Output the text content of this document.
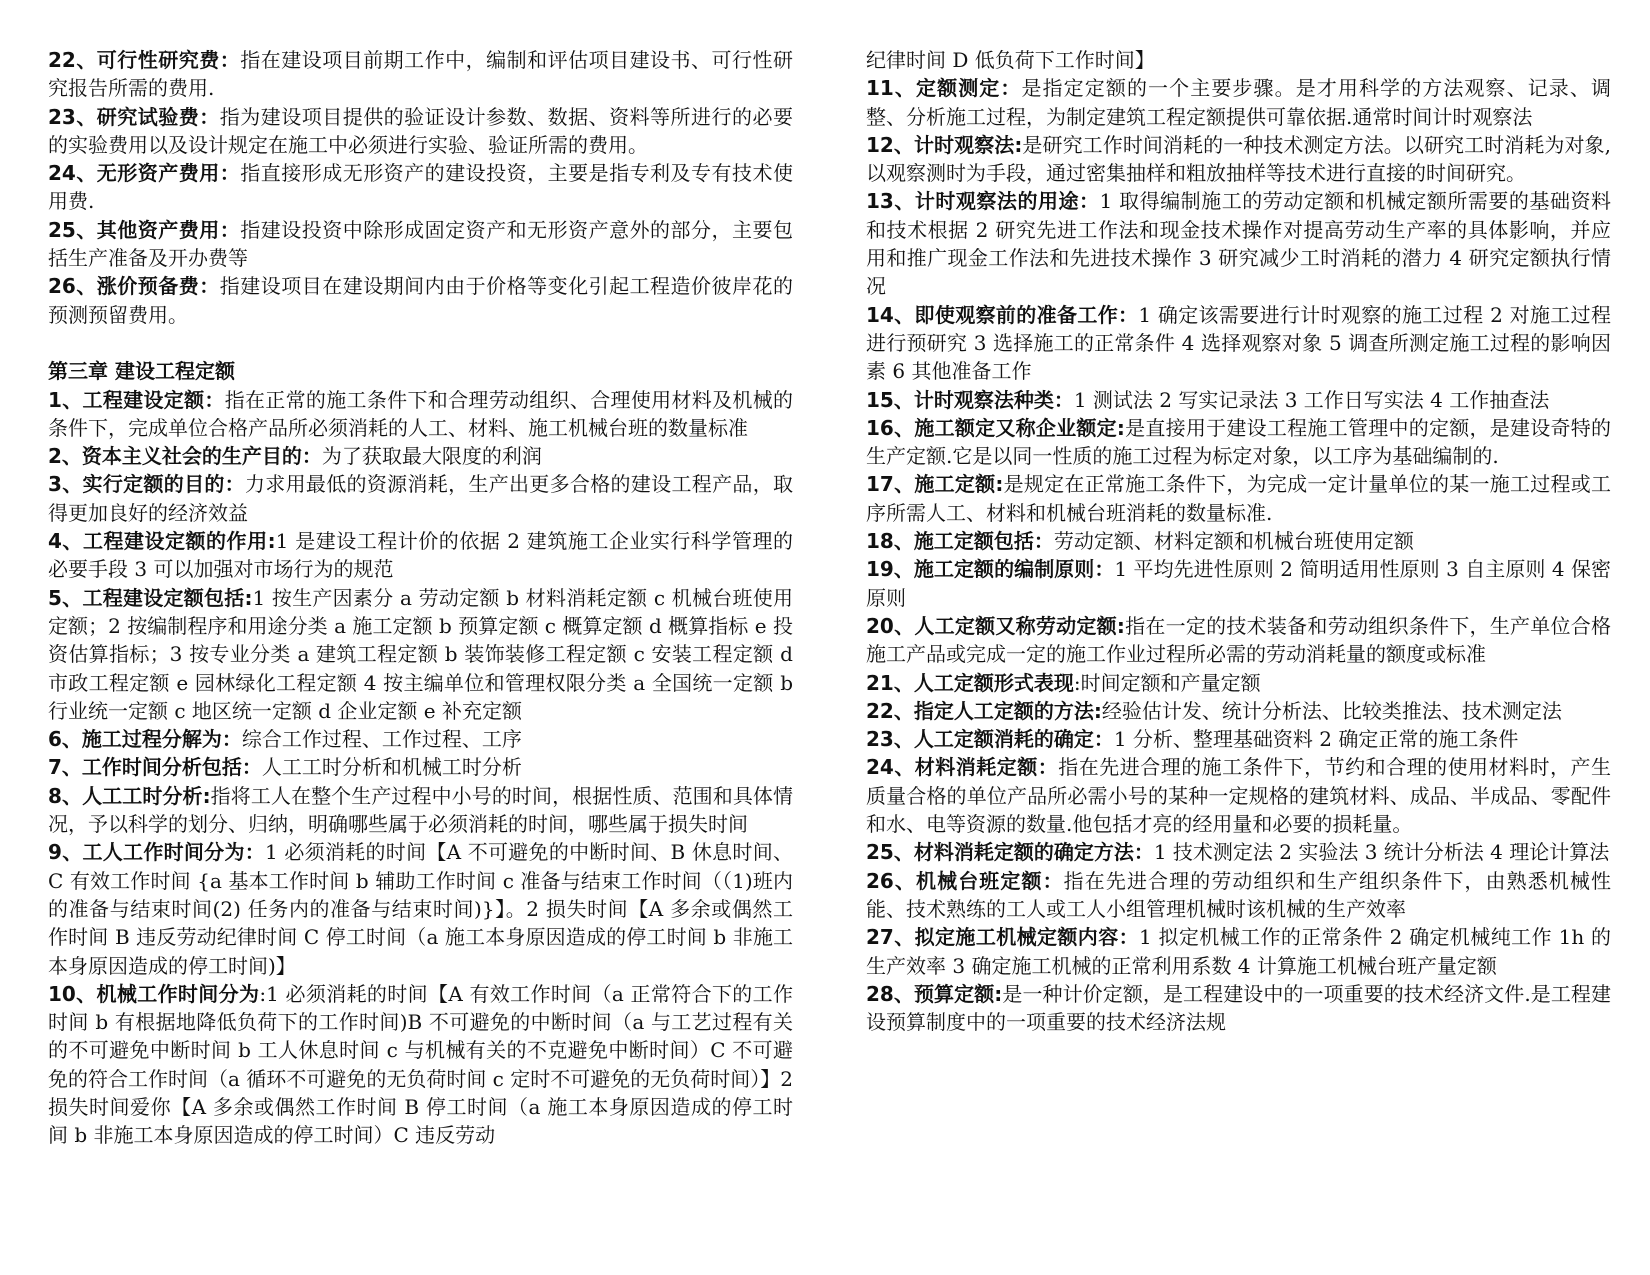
22、可行性研究费：指在建设项目前期工作中，编制和评估项目建设书、可行性研究报告所需的费用.

23、研究试验费：指为建设项目提供的验证设计参数、数据、资料等所进行的必要的实验费用以及设计规定在施工中必须进行实验、验证所需的费用。

24、无形资产费用：指直接形成无形资产的建设投资，主要是指专利及专有技术使用费.

25、其他资产费用：指建设投资中除形成固定资产和无形资产意外的部分，主要包括生产准备及开办费等

26、涨价预备费：指建设项目在建设期间内由于价格等变化引起工程造价彼岸花的预测预留费用。

第三章 建设工程定额

1、工程建设定额：指在正常的施工条件下和合理劳动组织、合理使用材料及机械的条件下，完成单位合格产品所必须消耗的人工、材料、施工机械台班的数量标准

2、资本主义社会的生产目的：为了获取最大限度的利润

3、实行定额的目的：力求用最低的资源消耗，生产出更多合格的建设工程产品，取得更加良好的经济效益

4、工程建设定额的作用:1 是建设工程计价的依据 2 建筑施工企业实行科学管理的必要手段 3 可以加强对市场行为的规范

5、工程建设定额包括:1 按生产因素分 a 劳动定额 b 材料消耗定额 c 机械台班使用定额；2 按编制程序和用途分类 a 施工定额 b 预算定额 c 概算定额 d 概算指标 e 投资估算指标；3 按专业分类 a 建筑工程定额 b 装饰装修工程定额 c 安装工程定额 d 市政工程定额 e 园林绿化工程定额 4 按主编单位和管理权限分类 a 全国统一定额 b 行业统一定额 c 地区统一定额 d 企业定额 e 补充定额

6、施工过程分解为：综合工作过程、工作过程、工序

7、工作时间分析包括：人工工时分析和机械工时分析

8、人工工时分析:指将工人在整个生产过程中小号的时间，根据性质、范围和具体情况，予以科学的划分、归纳，明确哪些属于必须消耗的时间，哪些属于损失时间

9、工人工作时间分为：1 必须消耗的时间【A 不可避免的中断时间、B 休息时间、C 有效工作时间 {a 基本工作时间 b 辅助工作时间 c 准备与结束工作时间（（1)班内的准备与结束时间(2) 任务内的准备与结束时间)}】。2 损失时间【A 多余或偶然工作时间 B 违反劳动纪律时间 C 停工时间（a 施工本身原因造成的停工时间 b 非施工本身原因造成的停工时间)】

10、机械工作时间分为:1 必须消耗的时间【A 有效工作时间（a 正常符合下的工作时间 b 有根据地降低负荷下的工作时间)B 不可避免的中断时间（a 与工艺过程有关的不可避免中断时间 b 工人休息时间 c 与机械有关的不克避免中断时间）C 不可避免的符合工作时间（a 循环不可避免的无负荷时间 c 定时不可避免的无负荷时间）】2 损失时间爱你【A 多余或偶然工作时间 B 停工时间（a 施工本身原因造成的停工时间 b 非施工本身原因造成的停工时间）C 违反劳动

纪律时间 D 低负荷下工作时间】

11、定额测定：是指定定额的一个主要步骤。是才用科学的方法观察、记录、调整、分析施工过程，为制定建筑工程定额提供可靠依据.通常时间计时观察法

12、计时观察法:是研究工作时间消耗的一种技术测定方法。以研究工时消耗为对象,以观察测时为手段，通过密集抽样和粗放抽样等技术进行直接的时间研究。

13、计时观察法的用途：1 取得编制施工的劳动定额和机械定额所需要的基础资料和技术根据 2 研究先进工作法和现金技术操作对提高劳动生产率的具体影响，并应用和推广现金工作法和先进技术操作 3 研究减少工时消耗的潜力 4 研究定额执行情况

14、即使观察前的准备工作：1 确定该需要进行计时观察的施工过程 2 对施工过程进行预研究 3 选择施工的正常条件 4 选择观察对象 5 调查所测定施工过程的影响因素 6 其他准备工作

15、计时观察法种类：1 测试法 2 写实记录法 3 工作日写实法 4 工作抽查法

16、施工额定又称企业额定:是直接用于建设工程施工管理中的定额，是建设奇特的生产定额.它是以同一性质的施工过程为标定对象，以工序为基础编制的.

17、施工定额:是规定在正常施工条件下，为完成一定计量单位的某一施工过程或工序所需人工、材料和机械台班消耗的数量标准.

18、施工定额包括：劳动定额、材料定额和机械台班使用定额

19、施工定额的编制原则：1 平均先进性原则 2 简明适用性原则 3 自主原则 4 保密原则

20、人工定额又称劳动定额:指在一定的技术装备和劳动组织条件下，生产单位合格施工产品或完成一定的施工作业过程所必需的劳动消耗量的额度或标准

21、人工定额形式表现:时间定额和产量定额

22、指定人工定额的方法:经验估计发、统计分析法、比较类推法、技术测定法

23、人工定额消耗的确定：1 分析、整理基础资料 2 确定正常的施工条件

24、材料消耗定额：指在先进合理的施工条件下，节约和合理的使用材料时，产生质量合格的单位产品所必需小号的某种一定规格的建筑材料、成品、半成品、零配件和水、电等资源的数量.他包括才亮的经用量和必要的损耗量。

25、材料消耗定额的确定方法：1 技术测定法 2 实验法 3 统计分析法 4 理论计算法

26、机械台班定额：指在先进合理的劳动组织和生产组织条件下，由熟悉机械性能、技术熟练的工人或工人小组管理机械时该机械的生产效率

27、拟定施工机械定额内容：1 拟定机械工作的正常条件 2 确定机械纯工作 1h 的生产效率 3 确定施工机械的正常利用系数 4 计算施工机械台班产量定额

28、预算定额:是一种计价定额，是工程建设中的一项重要的技术经济文件.是工程建设预算制度中的一项重要的技术经济法规
